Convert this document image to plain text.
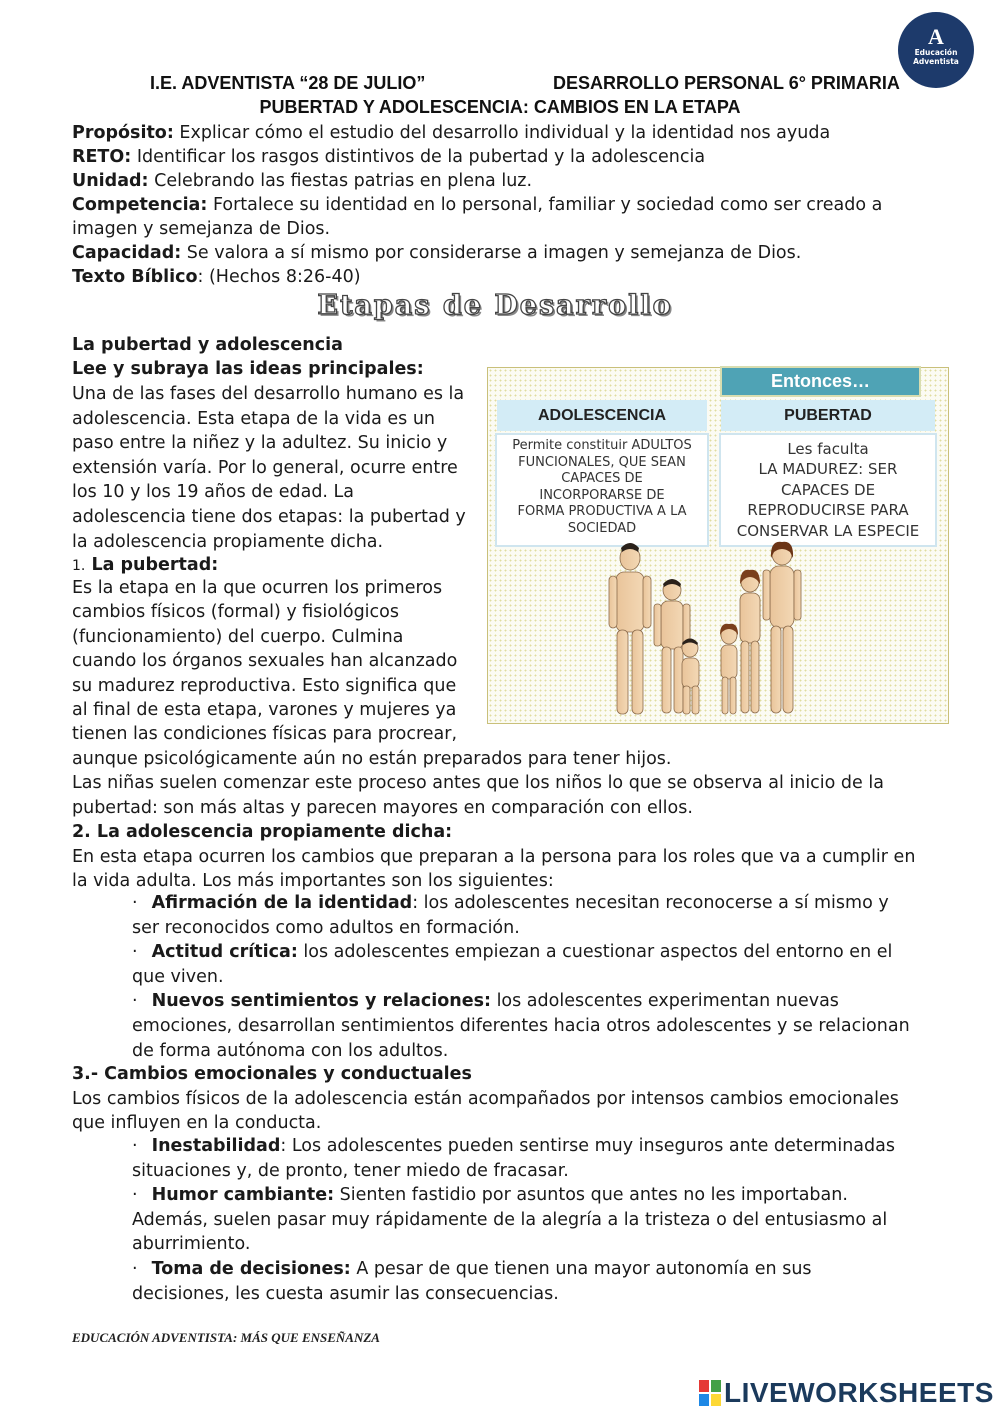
A
Educación Adventista
I.E. ADVENTISTA “28 DE JULIO”	DESARROLLO PERSONAL 6° PRIMARIA
PUBERTAD Y ADOLESCENCIA: CAMBIOS EN LA ETAPA
Propósito: Explicar cómo el estudio del desarrollo individual y la identidad nos ayuda
RETO: Identificar los rasgos distintivos de la pubertad y la adolescencia
Unidad: Celebrando las fiestas patrias en plena luz.
Competencia: Fortalece su identidad en lo personal, familiar y sociedad como ser creado a
imagen y semejanza de Dios.
Capacidad: Se valora a sí mismo por considerarse a imagen y semejanza de Dios.
Texto Bíblico: (Hechos 8:26-40)
Etapas de Desarrollo
La pubertad y adolescencia
Lee y subraya las ideas principales:
Una de las fases del desarrollo humano es la
adolescencia. Esta etapa de la vida es un
paso entre la niñez y la adultez. Su inicio y
extensión varía. Por lo general, ocurre entre
los 10 y los 19 años de edad. La
adolescencia tiene dos etapas: la pubertad y
la adolescencia propiamente dicha.
1. La pubertad:
Es la etapa en la que ocurren los primeros
cambios físicos (formal) y fisiológicos
(funcionamiento) del cuerpo. Culmina
cuando los órganos sexuales han alcanzado
su madurez reproductiva. Esto significa que
al final de esta etapa, varones y mujeres ya
tienen las condiciones físicas para procrear,
aunque psicológicamente aún no están preparados para tener hijos.
Las niñas suelen comenzar este proceso antes que los niños lo que se observa al inicio de la
pubertad: son más altas y parecen mayores en comparación con ellos.
Entonces…
ADOLESCENCIA	PUBERTAD
Permite constituir ADULTOS
FUNCIONALES, QUE SEAN
CAPACES DE
INCORPORARSE DE
FORMA PRODUCTIVA A LA
SOCIEDAD
Les faculta
LA MADUREZ: SER
CAPACES DE
REPRODUCIRSE PARA
CONSERVAR LA ESPECIE
2. La adolescencia propiamente dicha:
En esta etapa ocurren los cambios que preparan a la persona para los roles que va a cumplir en
la vida adulta. Los más importantes son los siguientes:
· Afirmación de la identidad: los adolescentes necesitan reconocerse a sí mismo y
ser reconocidos como adultos en formación.
· Actitud crítica: los adolescentes empiezan a cuestionar aspectos del entorno en el
que viven.
· Nuevos sentimientos y relaciones: los adolescentes experimentan nuevas
emociones, desarrollan sentimientos diferentes hacia otros adolescentes y se relacionan
de forma autónoma con los adultos.
3.- Cambios emocionales y conductuales
Los cambios físicos de la adolescencia están acompañados por intensos cambios emocionales
que influyen en la conducta.
· Inestabilidad: Los adolescentes pueden sentirse muy inseguros ante determinadas
situaciones y, de pronto, tener miedo de fracasar.
· Humor cambiante: Sienten fastidio por asuntos que antes no les importaban.
Además, suelen pasar muy rápidamente de la alegría a la tristeza o del entusiasmo al
aburrimiento.
· Toma de decisiones: A pesar de que tienen una mayor autonomía en sus
decisiones, les cuesta asumir las consecuencias.
EDUCACIÓN ADVENTISTA: MÁS QUE ENSEÑANZA
LIVEWORKSHEETS
